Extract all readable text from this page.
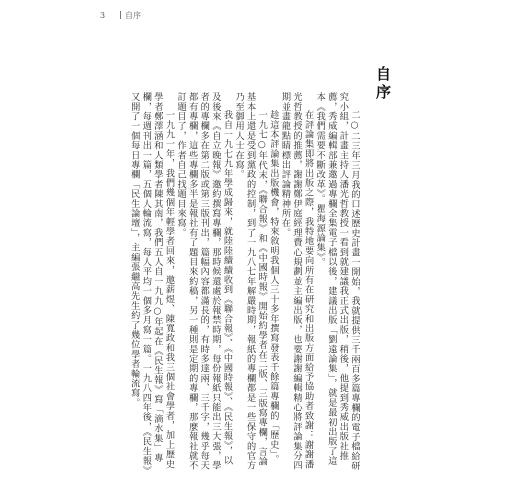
3	自序
自序

二○二三年三月我的口述歷史計畫一開始，我就提供三千兩百多篇專欄的電子檔給研究小組，計畫主持人潘光哲教授一看到就建議我正式出版，稍後，他提到秀威出版社推薦，秀威編輯部兼邀過專欄全集電子檔以後，建議出版「劉遠論集」，就是最初出版了這本《我們需要不斷改革》。瞿海源論集》。

在評論集即將出版之際，我特地要向所有在研究和出版方面給予協助者致謝：謝謝潘光哲教授的推薦，謝謝鄭伊庭經理費心規劃並主編出版，也要謝謝編輯精心將評論集分四期並畫龍點睛標出評論精神所在。

趁這本評論集出版機會，特來敘明我個人三十多年撰寫發表千餘篇專欄的「歷史」。

一九七○年代末，《聯合報》和《中國時報》開始約學者在二版、三版寫專欄，言論基本上還是受到黨政的控制，到了一九八七年解嚴時期，報紙的專欄都是一些保守的官方乃至御用人士在寫。

我自一九七九年學成歸來，就陸陸續續收到《聯合報》、《中國時報》、《民生報》，以及後來《自立晚報》邀約撰寫專欄，那時候還處於報禁時期，每份報紙只能出三大張，學者的專欄多在第二版或第三版刊出，篇幅內容都滿長的，有時多達兩、三千字，幾乎每天都有專欄，這些專欄多半是報社有了題目來約稿，另一種則是定期的專欄，那麼報社就不訂題目了，作者自己找題目來寫。

一九九一年，我們幾個年輕學者回來，邀薪煜、陳寬政和我三個社會學者，加上歷史學者鄭澤涵和人類學者陳其南，我們五人自一九九○年起在《民生報》寫「滴水集」專欄，每週刊出一篇，五個人輪流寫，每人平均一個多月寫一篇。一九八四年後，《民生報》又開了一個每日專欄「民生論壇」，主編張繼高先生約了幾位學者輪流寫。
